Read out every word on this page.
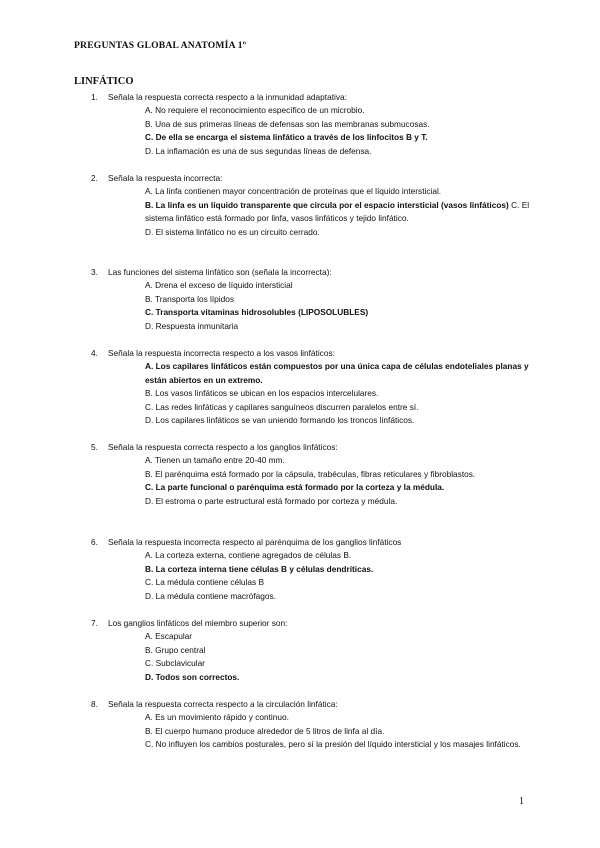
PREGUNTAS GLOBAL ANATOMÍA 1º
LINFÁTICO
1. Señala la respuesta correcta respecto a la inmunidad adaptativa:
A. No requiere el reconocimiento específico de un microbio.
B. Una de sus primeras líneas de defensas son las membranas submucosas.
C. De ella se encarga el sistema linfático a través de los linfocitos B y T.
D. La inflamación es una de sus segundas líneas de defensa.
2. Señala la respuesta incorrecta:
A. La linfa contienen mayor concentración de proteínas que el líquido intersticial.
B. La linfa es un líquido transparente que circula por el espacio intersticial (vasos linfáticos) C. El sistema linfático está formado por linfa, vasos linfáticos y tejido linfático.
D. El sistema linfático no es un circuito cerrado.
3. Las funciones del sistema linfático son (señala la incorrecta):
A. Drena el exceso de líquido intersticial
B. Transporta los lípidos
C. Transporta vitaminas hidrosolubles (LIPOSOLUBLES)
D. Respuesta inmunitaria
4. Señala la respuesta incorrecta respecto a los vasos linfáticos:
A. Los capilares linfáticos están compuestos por una única capa de células endoteliales planas y están abiertos en un extremo.
B. Los vasos linfáticos se ubican en los espacios intercelulares.
C. Las redes linfáticas y capilares sanguíneos discurren paralelos entre sí.
D. Los capilares linfáticos se van uniendo formando los troncos linfáticos.
5. Señala la respuesta correcta respecto a los ganglios linfáticos:
A. Tienen un tamaño entre 20-40 mm.
B. El parénquima está formado por la cápsula, trabéculas, fibras reticulares y fibroblastos.
C. La parte funcional o parénquima está formado por la corteza y la médula.
D. El estroma o parte estructural está formado por corteza y médula.
6. Señala la respuesta incorrecta respecto al parénquima de los ganglios linfáticos
A. La corteza externa, contiene agregados de células B.
B. La corteza interna tiene células B y células dendríticas.
C. La médula contiene células B
D. La médula contiene macrófagos.
7. Los ganglios linfáticos del miembro superior son:
A. Escapular
B. Grupo central
C. Subclavicular
D. Todos son correctos.
8. Señala la respuesta correcta respecto a la circulación linfática:
A. Es un movimiento rápido y continuo.
B. El cuerpo humano produce alrededor de 5 litros de linfa al día.
C. No influyen los cambios posturales, pero sí la presión del líquido intersticial y los masajes linfáticos.
1
